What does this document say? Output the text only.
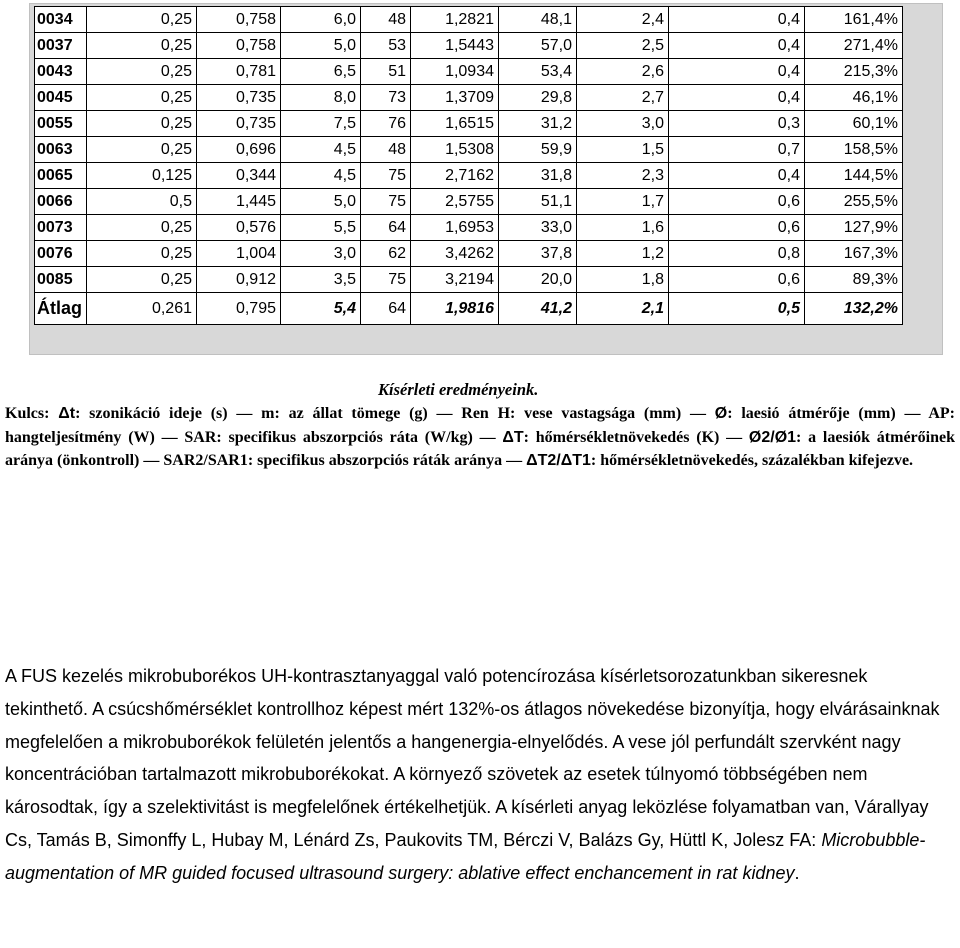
0034	0,25	0,758	6,0	48	1,2821	48,1	2,4	0,4	161,4%
0037	0,25	0,758	5,0	53	1,5443	57,0	2,5	0,4	271,4%
0043	0,25	0,781	6,5	51	1,0934	53,4	2,6	0,4	215,3%
0045	0,25	0,735	8,0	73	1,3709	29,8	2,7	0,4	46,1%
0055	0,25	0,735	7,5	76	1,6515	31,2	3,0	0,3	60,1%
0063	0,25	0,696	4,5	48	1,5308	59,9	1,5	0,7	158,5%
0065	0,125	0,344	4,5	75	2,7162	31,8	2,3	0,4	144,5%
0066	0,5	1,445	5,0	75	2,5755	51,1	1,7	0,6	255,5%
0073	0,25	0,576	5,5	64	1,6953	33,0	1,6	0,6	127,9%
0076	0,25	1,004	3,0	62	3,4262	37,8	1,2	0,8	167,3%
0085	0,25	0,912	3,5	75	3,2194	20,0	1,8	0,6	89,3%
Átlag	0,261	0,795	5,4	64	1,9816	41,2	2,1	0,5	132,2%
Kísérleti eredményeink.
Kulcs: Δt: szonikáció ideje (s) — m: az állat tömege (g) — Ren H: vese vastagsága (mm) — Ø: laesió átmérője (mm) — AP: hangteljesítmény (W) — SAR: specifikus abszorpciós ráta (W/kg) — ΔT: hőmérsékletnövekedés (K) — Ø2/Ø1: a laesiók átmérőinek aránya (önkontroll) — SAR2/SAR1: specifikus abszorpciós ráták aránya — ΔT2/ΔT1: hőmérsékletnövekedés, százalékban kifejezve.
A FUS kezelés mikrobuborékos UH-kontrasztanyaggal való potencírozása kísérletsorozatunkban sikeresnek tekinthető. A csúcshőmérséklet kontrollhoz képest mért 132%-os átlagos növekedése bizonyítja, hogy elvárásainknak megfelelően a mikrobuborékok felületén jelentős a hangenergia-elnyelődés. A vese jól perfundált szervként nagy koncentrációban tartalmazott mikrobuborékokat. A környező szövetek az esetek túlnyomó többségében nem károsodtak, így a szelektivitást is megfelelőnek értékelhetjük. A kísérleti anyag leközlése folyamatban van, Várallyay Cs, Tamás B, Simonffy L, Hubay M, Lénárd Zs, Paukovits TM, Bérczi V, Balázs Gy, Hüttl K, Jolesz FA: Microbubble-augmentation of MR guided focused ultrasound surgery: ablative effect enchancement in rat kidney.
